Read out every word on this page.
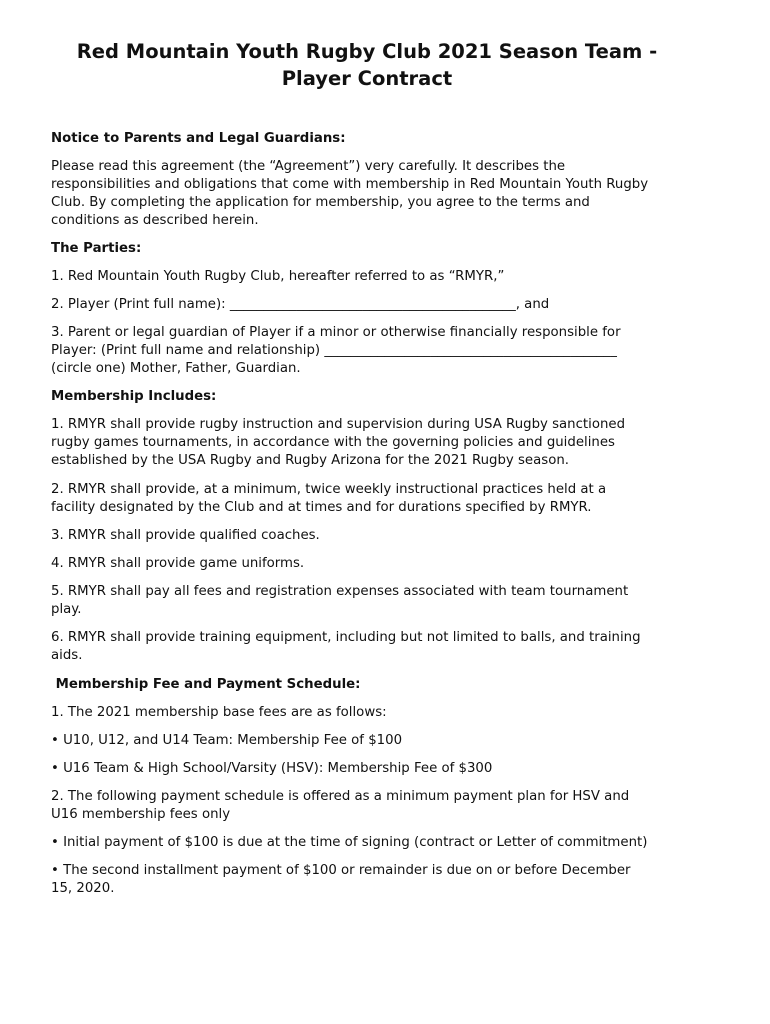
Red Mountain Youth Rugby Club 2021 Season Team -
Player Contract

Notice to Parents and Legal Guardians:

Please read this agreement (the “Agreement”) very carefully. It describes the
responsibilities and obligations that come with membership in Red Mountain Youth Rugby
Club. By completing the application for membership, you agree to the terms and
conditions as described herein.

The Parties:

1. Red Mountain Youth Rugby Club, hereafter referred to as “RMYR,”

2. Player (Print full name): ___________________________________________, and

3. Parent or legal guardian of Player if a minor or otherwise financially responsible for
Player: (Print full name and relationship) ____________________________________________
(circle one) Mother, Father, Guardian.

Membership Includes:

1. RMYR shall provide rugby instruction and supervision during USA Rugby sanctioned
rugby games tournaments, in accordance with the governing policies and guidelines
established by the USA Rugby and Rugby Arizona for the 2021 Rugby season.

2. RMYR shall provide, at a minimum, twice weekly instructional practices held at a
facility designated by the Club and at times and for durations specified by RMYR.

3. RMYR shall provide qualified coaches.

4. RMYR shall provide game uniforms.

5. RMYR shall pay all fees and registration expenses associated with team tournament
play.

6. RMYR shall provide training equipment, including but not limited to balls, and training
aids.

Membership Fee and Payment Schedule:

1. The 2021 membership base fees are as follows:

• U10, U12, and U14 Team: Membership Fee of $100

• U16 Team & High School/Varsity (HSV): Membership Fee of $300

2. The following payment schedule is offered as a minimum payment plan for HSV and
U16 membership fees only

• Initial payment of $100 is due at the time of signing (contract or Letter of commitment)

• The second installment payment of $100 or remainder is due on or before December
15, 2020.
